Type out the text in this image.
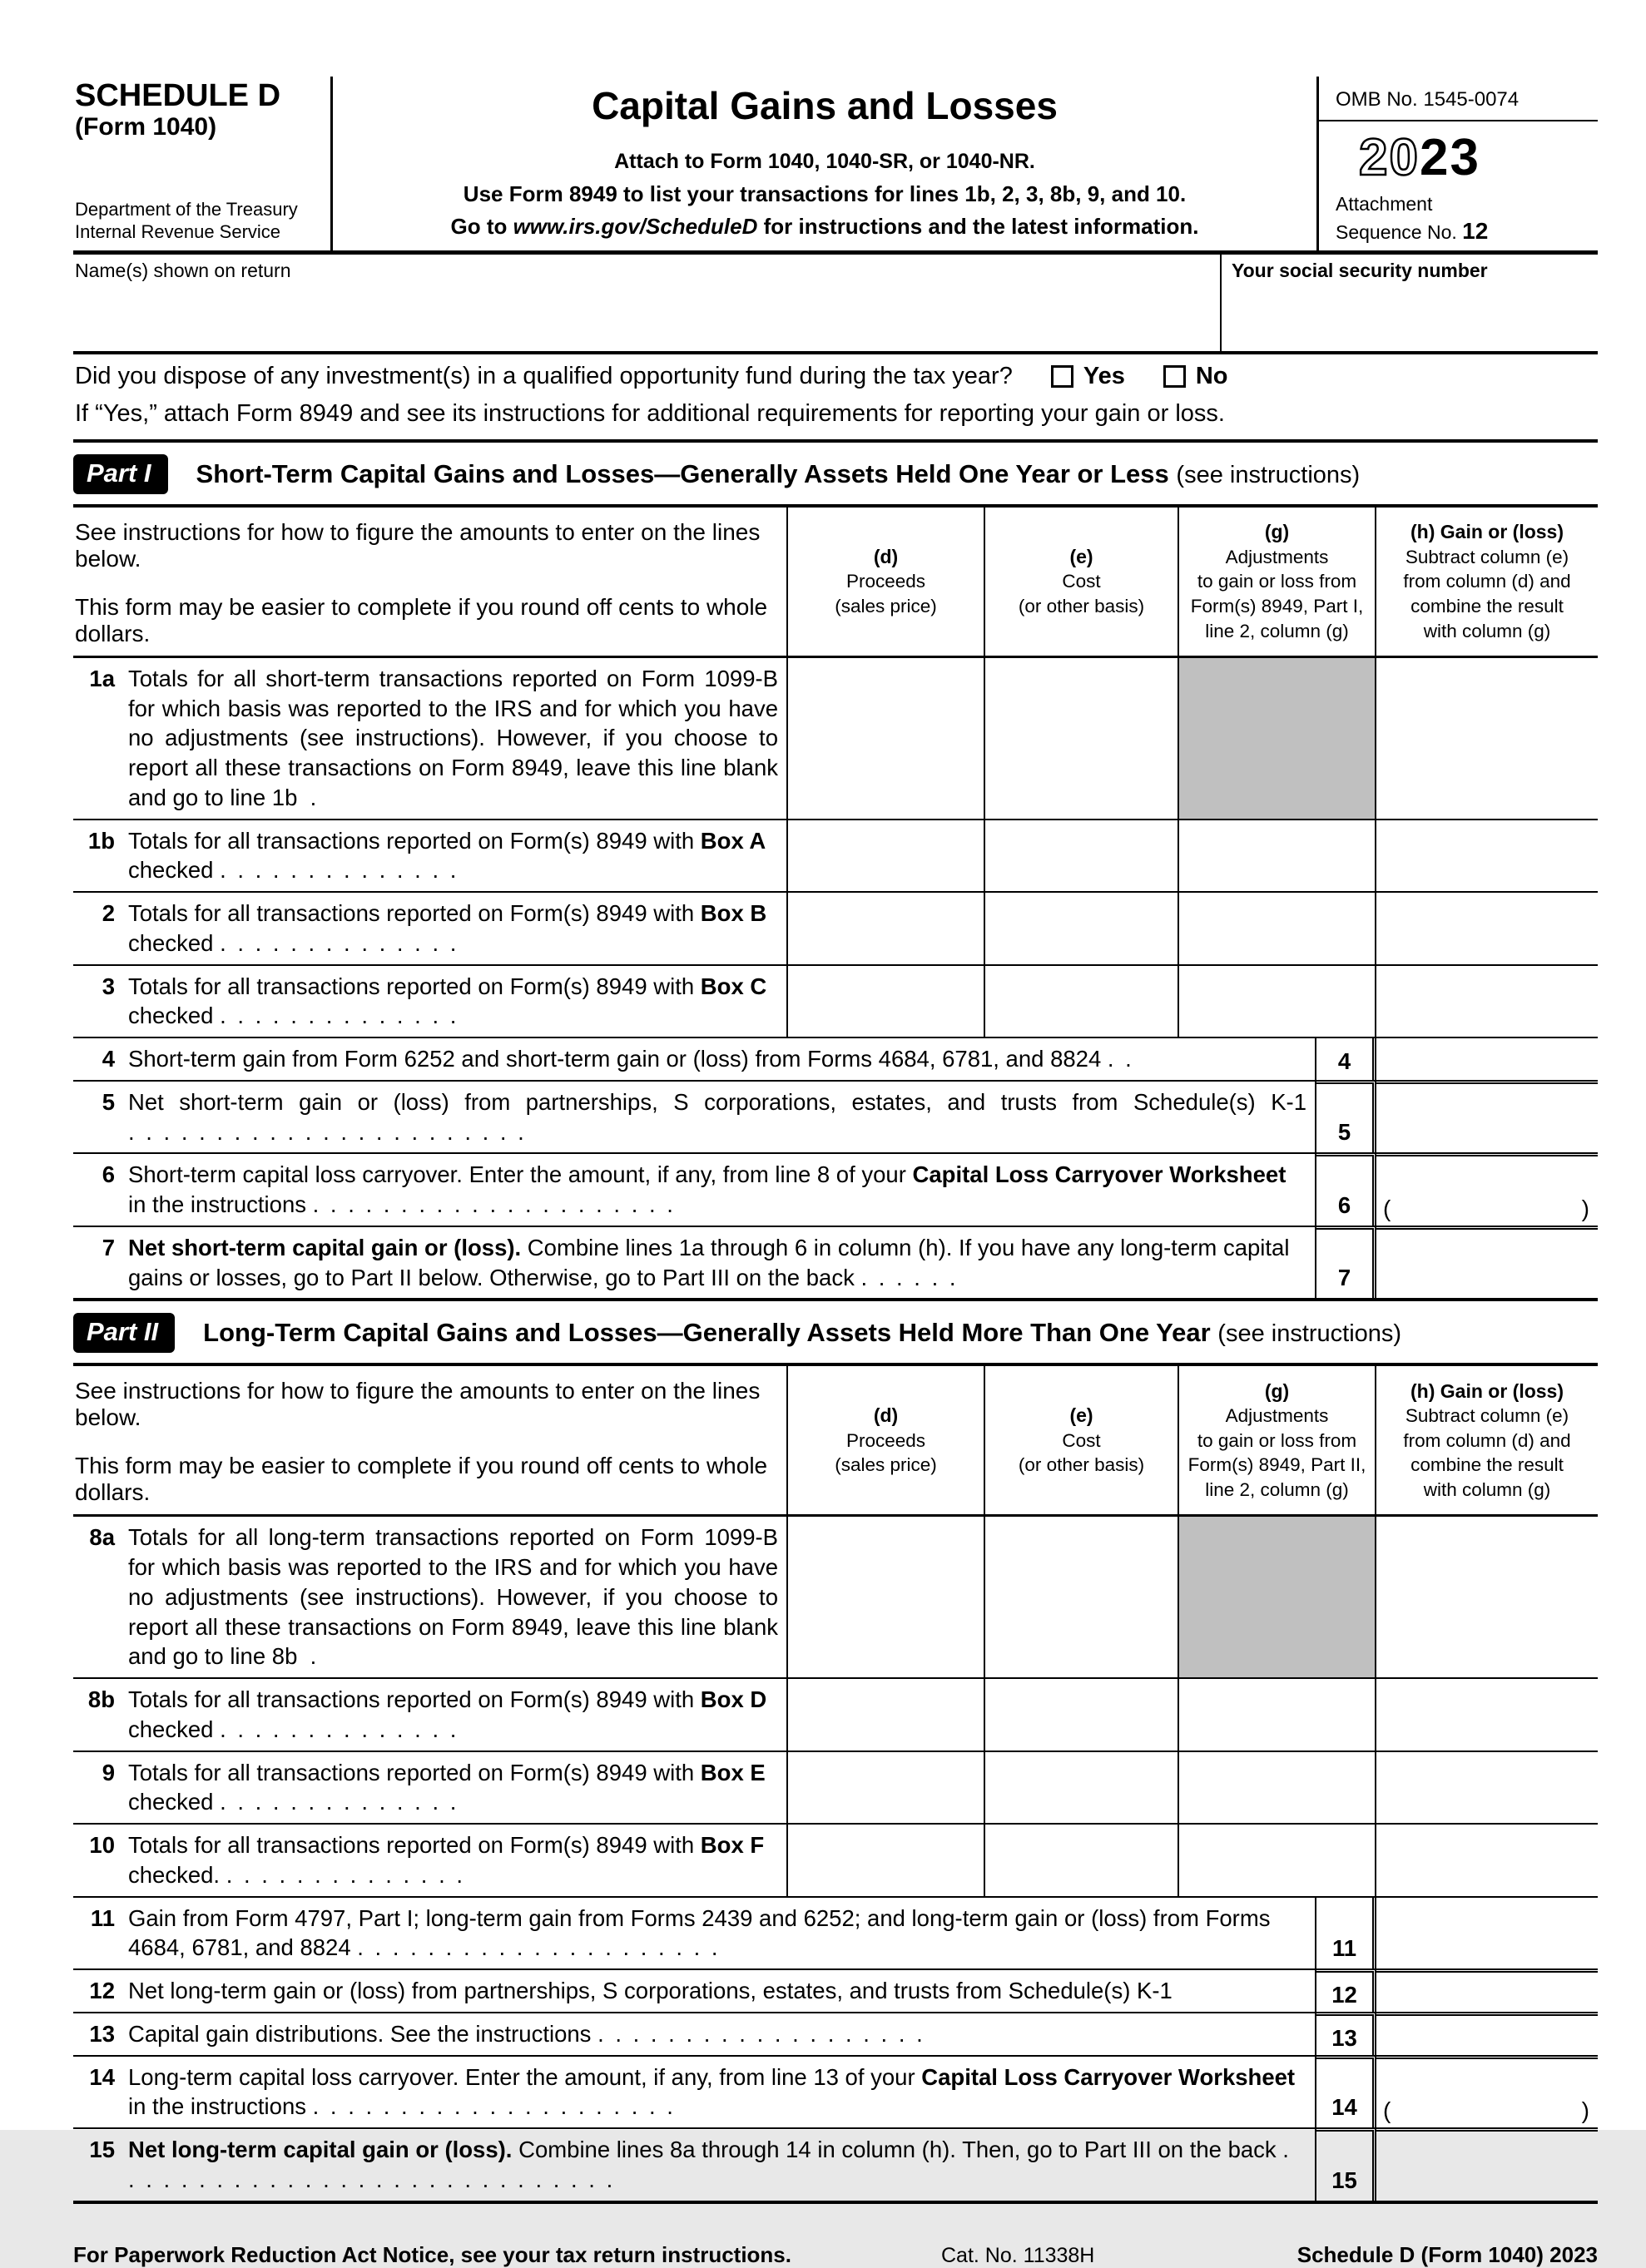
SCHEDULE D
(Form 1040)
Department of the Treasury
Internal Revenue Service
Capital Gains and Losses
Attach to Form 1040, 1040-SR, or 1040-NR.
Use Form 8949 to list your transactions for lines 1b, 2, 3, 8b, 9, and 10.
Go to www.irs.gov/ScheduleD for instructions and the latest information.
OMB No. 1545-0074
2023
Attachment
Sequence No. 12
Name(s) shown on return	Your social security number
Did you dispose of any investment(s) in a qualified opportunity fund during the tax year?	Yes	No
If “Yes,” attach Form 8949 and see its instructions for additional requirements for reporting your gain or loss.
Part I	Short-Term Capital Gains and Losses—Generally Assets Held One Year or Less (see instructions)

See instructions for how to figure the amounts to enter on the lines below.

This form may be easier to complete if you round off cents to whole dollars.

(d)
Proceeds
(sales price)
(e)
Cost
(or other basis)
(g)
Adjustments
to gain or loss from
Form(s) 8949, Part I,
line 2, column (g)
(h) Gain or (loss)
Subtract column (e)
from column (d) and
combine the result
with column (g)
1a Totals for all short-term transactions reported on Form 1099-B for which basis was reported to the IRS and for which you have no adjustments (see instructions). However, if you choose to report all these transactions on Form 8949, leave this line blank and go to line 1b  .
1b Totals for all transactions reported on Form(s) 8949 with Box A checked . . . . . . . . . . . . . .
2 Totals for all transactions reported on Form(s) 8949 with Box B checked . . . . . . . . . . . . . .
3 Totals for all transactions reported on Form(s) 8949 with Box C checked . . . . . . . . . . . . . .
4 Short-term gain from Form 6252 and short-term gain or (loss) from Forms 4684, 6781, and 8824 . .	4
5 Net short-term gain or (loss) from partnerships, S corporations, estates, and trusts from Schedule(s) K-1 . . . . . . . . . . . . . . . . . . . . . . .	5
6 Short-term capital loss carryover. Enter the amount, if any, from line 8 of your Capital Loss Carryover Worksheet in the instructions . . . . . . . . . . . . . . . . . . . . .	6	(	)
7 Net short-term capital gain or (loss). Combine lines 1a through 6 in column (h). If you have any long-term capital gains or losses, go to Part II below. Otherwise, go to Part III on the back . . . . . .	7
Part II	Long-Term Capital Gains and Losses—Generally Assets Held More Than One Year (see instructions)

See instructions for how to figure the amounts to enter on the lines below.

This form may be easier to complete if you round off cents to whole dollars.

(d)
Proceeds
(sales price)
(e)
Cost
(or other basis)
(g)
Adjustments
to gain or loss from
Form(s) 8949, Part II,
line 2, column (g)
(h) Gain or (loss)
Subtract column (e)
from column (d) and
combine the result
with column (g)
8a Totals for all long-term transactions reported on Form 1099-B for which basis was reported to the IRS and for which you have no adjustments (see instructions). However, if you choose to report all these transactions on Form 8949, leave this line blank and go to line 8b  .
8b Totals for all transactions reported on Form(s) 8949 with Box D checked . . . . . . . . . . . . . .
9 Totals for all transactions reported on Form(s) 8949 with Box E checked . . . . . . . . . . . . . .
10 Totals for all transactions reported on Form(s) 8949 with Box F checked. . . . . . . . . . . . . . .
11 Gain from Form 4797, Part I; long-term gain from Forms 2439 and 6252; and long-term gain or (loss) from Forms 4684, 6781, and 8824 . . . . . . . . . . . . . . . . . . . . .	11
12 Net long-term gain or (loss) from partnerships, S corporations, estates, and trusts from Schedule(s) K-1	12
13 Capital gain distributions. See the instructions . . . . . . . . . . . . . . . . . . .	13
14 Long-term capital loss carryover. Enter the amount, if any, from line 13 of your Capital Loss Carryover Worksheet in the instructions . . . . . . . . . . . . . . . . . . . . .	14	(	)
15 Net long-term capital gain or (loss). Combine lines 8a through 14 in column (h). Then, go to Part III on the back . . . . . . . . . . . . . . . . . . . . . . . . . . . . .	15
For Paperwork Reduction Act Notice, see your tax return instructions.	Cat. No. 11338H	Schedule D (Form 1040) 2023
